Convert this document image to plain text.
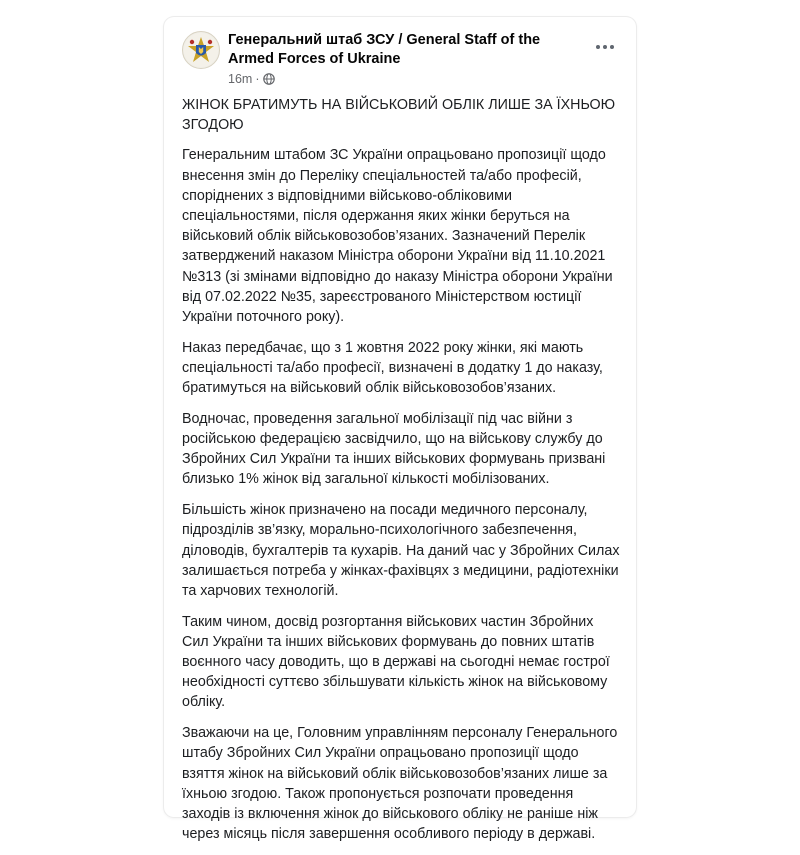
Генеральний штаб ЗСУ / General Staff of the Armed Forces of Ukraine
16m ·

ЖІНОК БРАТИМУТЬ НА ВІЙСЬКОВИЙ ОБЛІК ЛИШЕ ЗА ЇХНЬОЮ ЗГОДОЮ

Генеральним штабом ЗС України опрацьовано пропозиції щодо внесення змін до Переліку спеціальностей та/або професій, споріднених з відповідними військово-обліковими спеціальностями, після одержання яких жінки беруться на військовий облік військовозобов’язаних. Зазначений Перелік затверджений наказом Міністра оборони України від 11.10.2021 №313 (зі змінами відповідно до наказу Міністра оборони України від 07.02.2022 №35, зареєстрованого Міністерством юстиції України поточного року).

Наказ передбачає, що з 1 жовтня 2022 року жінки, які мають спеціальності та/або професії, визначені в додатку 1 до наказу, братимуться на військовий облік військовозобов’язаних.

Водночас, проведення загальної мобілізації під час війни з російською федерацією засвідчило, що на військову службу до Збройних Сил України та інших військових формувань призвані близько 1% жінок від загальної кількості мобілізованих.

Більшість жінок призначено на посади медичного персоналу, підрозділів зв’язку, морально-психологічного забезпечення, діловодів, бухгалтерів та кухарів. На даний час у Збройних Силах залишається потреба у жінках-фахівцях з медицини, радіотехніки та харчових технологій.

Таким чином, досвід розгортання військових частин Збройних Сил України та інших військових формувань до повних штатів воєнного часу доводить, що в державі на сьогодні немає гострої необхідності суттєво збільшувати кількість жінок на військовому обліку.

Зважаючи на це, Головним управлінням персоналу Генерального штабу Збройних Сил України опрацьовано пропозиції щодо взяття жінок на військовий облік військовозобов’язаних лише за їхньою згодою. Також пропонується розпочати проведення заходів із включення жінок до військового обліку не раніше ніж через місяць після завершення особливого періоду в державі.
